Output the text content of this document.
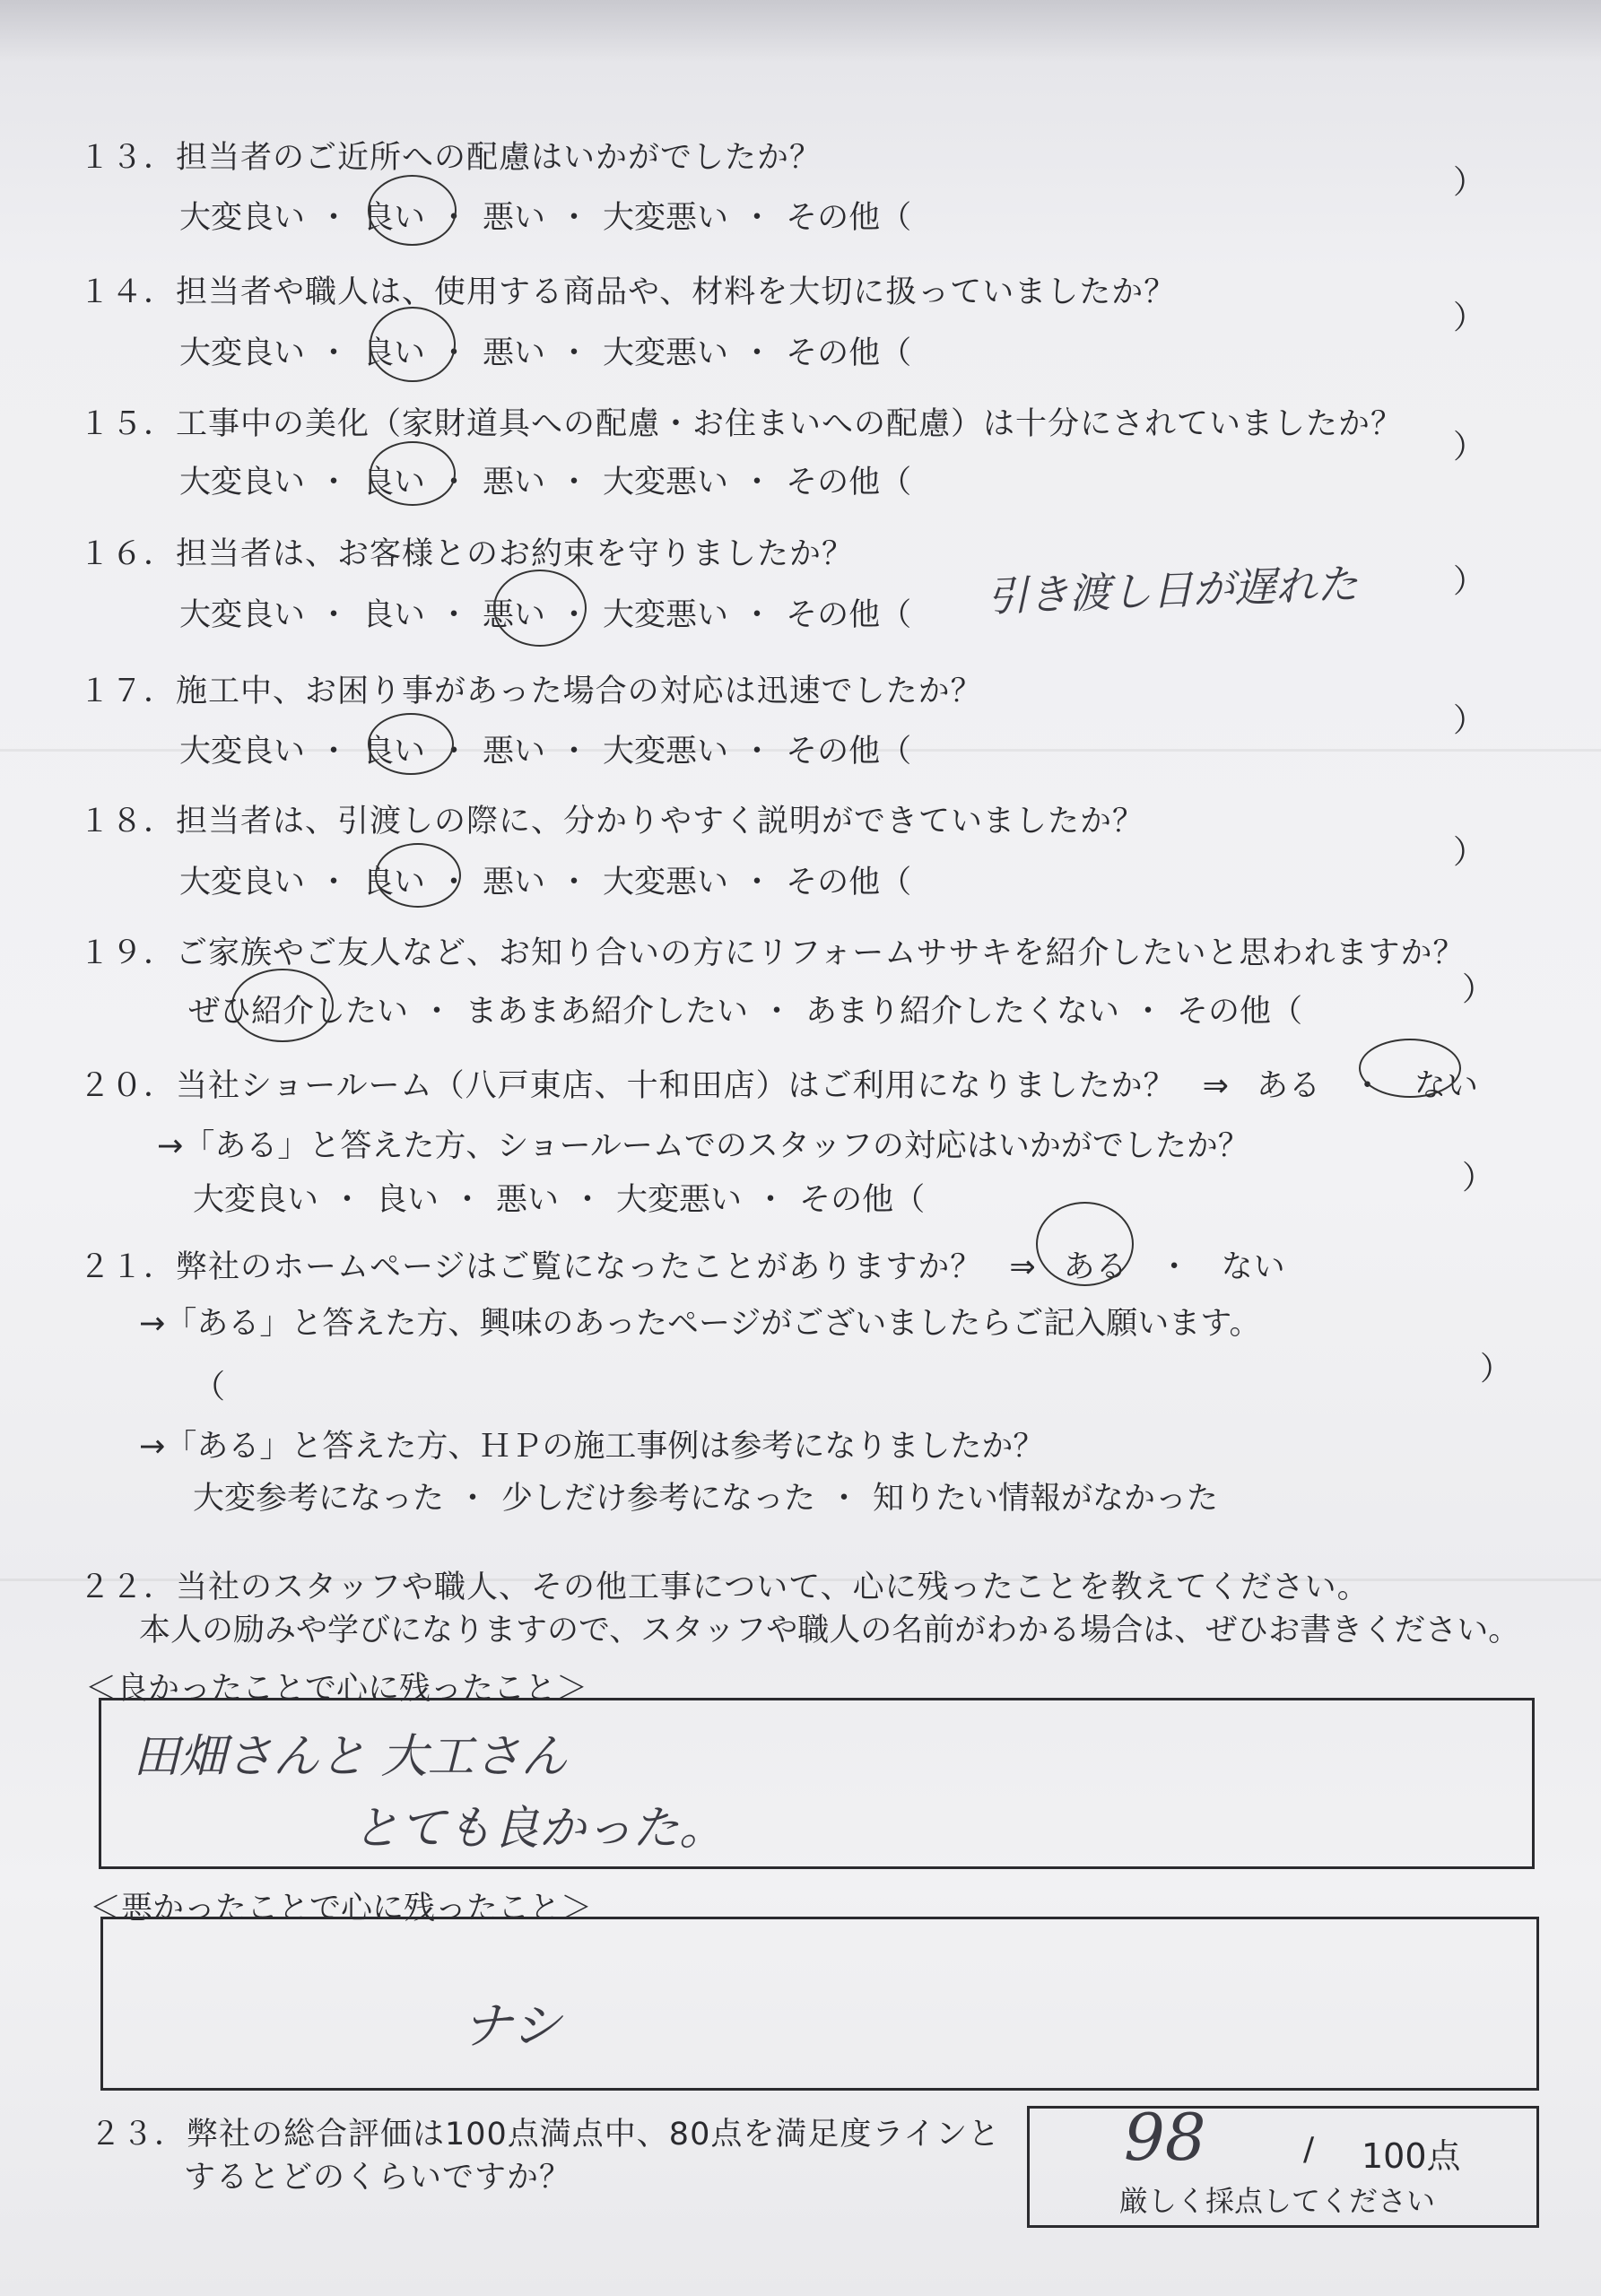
１３．担当者のご近所への配慮はいかがでしたか？
大変良い ・ 良い ・ 悪い ・ 大変悪い ・ その他（
）
１４．担当者や職人は、使用する商品や、材料を大切に扱っていましたか？
大変良い ・ 良い ・ 悪い ・ 大変悪い ・ その他（
）
１５．工事中の美化（家財道具への配慮・お住まいへの配慮）は十分にされていましたか？
大変良い ・ 良い ・ 悪い ・ 大変悪い ・ その他（
）
１６．担当者は、お客様とのお約束を守りましたか？
大変良い ・ 良い ・ 悪い ・ 大変悪い ・ その他（
）
引き渡し日が遅れた
１７．施工中、お困り事があった場合の対応は迅速でしたか？
大変良い ・ 良い ・ 悪い ・ 大変悪い ・ その他（
）
１８．担当者は、引渡しの際に、分かりやすく説明ができていましたか？
大変良い ・ 良い ・ 悪い ・ 大変悪い ・ その他（
）
１９．ご家族やご友人など、お知り合いの方にリフォームササキを紹介したいと思われますか？
ぜひ紹介したい ・ まあまあ紹介したい ・ あまり紹介したくない ・ その他（
）
２０．当社ショールーム（八戸東店、十和田店）はご利用になりましたか？ ⇒ ある ・ ない
→「ある」と答えた方、ショールームでのスタッフの対応はいかがでしたか？
大変良い ・ 良い ・ 悪い ・ 大変悪い ・ その他（
）
２１．弊社のホームページはご覧になったことがありますか？ ⇒ ある ・ ない
→「ある」と答えた方、興味のあったページがございましたらご記入願います。
（	）
→「ある」と答えた方、ＨＰの施工事例は参考になりましたか？
大変参考になった ・ 少しだけ参考になった ・ 知りたい情報がなかった
２２．当社のスタッフや職人、その他工事について、心に残ったことを教えてください。
本人の励みや学びになりますので、スタッフや職人の名前がわかる場合は、ぜひお書きください。
＜良かったことで心に残ったこと＞
田畑さんと 大工さん
とても良かった。
＜悪かったことで心に残ったこと＞
ナシ
２３．弊社の総合評価は100点満点中、80点を満足度ラインと
するとどのくらいですか？
98	/ 100点
厳しく採点してください
